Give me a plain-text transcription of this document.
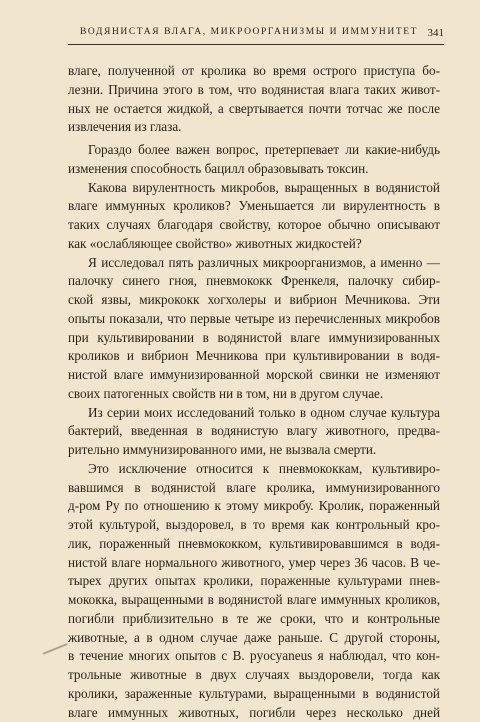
ВОДЯНИСТАЯ ВЛАГА, МИКРООРГАНИЗМЫ И ИММУНИТЕТ 341
влаге, полученной от кролика во время острого приступа бо-
лезни. Причина этого в том, что водянистая влага таких живот-
ных не остается жидкой, а свертывается почти тотчас же после
извлечения из глаза.
Гораздо более важен вопрос, претерпевает ли какие-нибудь
изменения способность бацилл образовывать токсин.
Какова вирулентность микробов, выращенных в водянистой
влаге иммунных кроликов? Уменьшается ли вирулентность в
таких случаях благодаря свойству, которое обычно описывают
как «ослабляющее свойство» животных жидкостей?
Я исследовал пять различных микроорганизмов, а именно —
палочку синего гноя, пневмококк Френкеля, палочку сибир-
ской язвы, микрококк хогхолеры и вибрион Мечникова. Эти
опыты показали, что первые четыре из перечисленных микробов
при культивировании в водянистой влаге иммунизированных
кроликов и вибрион Мечникова при культивировании в водя-
нистой влаге иммунизированной морской свинки не изменяют
своих патогенных свойств ни в том, ни в другом случае.
Из серии моих исследований только в одном случае культура
бактерий, введенная в водянистую влагу животного, предва-
рительно иммунизированного ими, не вызвала смерти.
Это исключение относится к пневмококкам, культивиро-
вавшимся в водянистой влаге кролика, иммунизированного
д-ром Ру по отношению к этому микробу. Кролик, пораженный
этой культурой, выздоровел, в то время как контрольный кро-
лик, пораженный пневмококком, культивировавшимся в водя-
нистой влаге нормального животного, умер через 36 часов. В че-
тырех других опытах кролики, пораженные культурами пнев-
мококка, выращенными в водянистой влаге иммунных кроликов,
погибли приблизительно в те же сроки, что и контрольные
животные, а в одном случае даже раньше. С другой стороны,
в течение многих опытов с B. pyocyaneus я наблюдал, что кон-
трольные животные в двух случаях выздоровели, тогда как
кролики, зараженные культурами, выращенными в водянистой
влаге иммунных животных, погибли через несколько дней
